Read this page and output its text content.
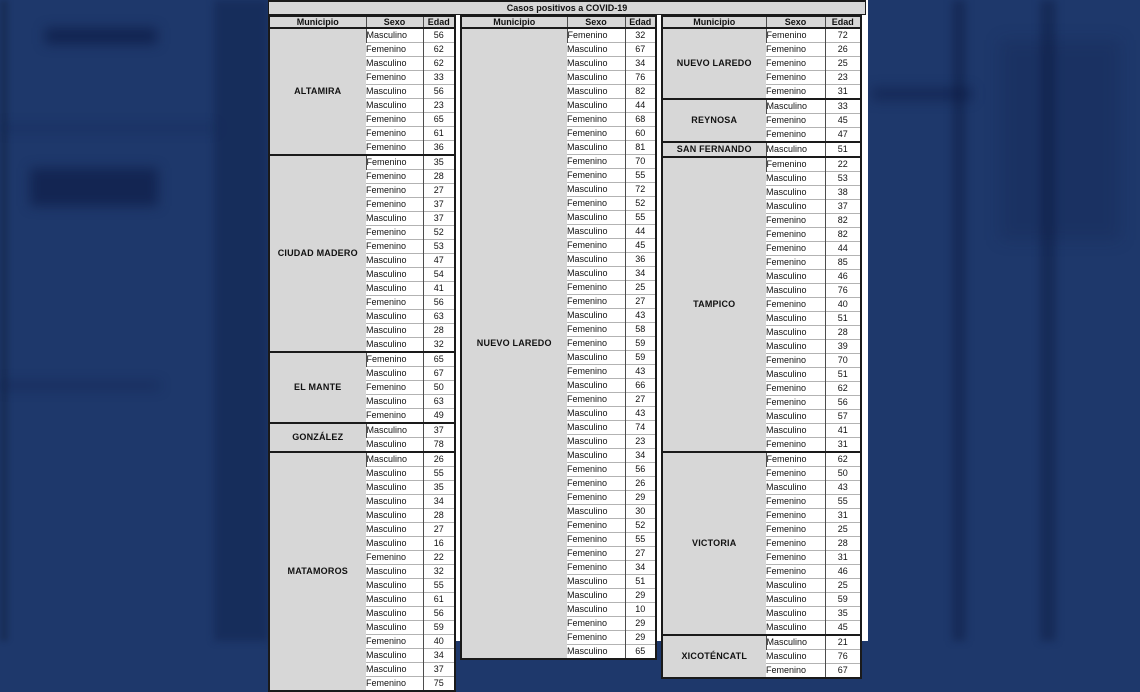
Casos positivos a COVID-19
Municipio	Sexo	Edad
ALTAMIRA	Masculino	56
	Femenino	62
	Masculino	62
	Femenino	33
	Masculino	56
	Masculino	23
	Femenino	65
	Femenino	61
	Femenino	36
CIUDAD MADERO	Femenino	35
	Femenino	28
	Femenino	27
	Femenino	37
	Masculino	37
	Femenino	52
	Femenino	53
	Masculino	47
	Masculino	54
	Masculino	41
	Femenino	56
	Masculino	63
	Masculino	28
	Masculino	32
EL MANTE	Femenino	65
	Masculino	67
	Femenino	50
	Masculino	63
	Femenino	49
GONZÁLEZ	Masculino	37
	Masculino	78
MATAMOROS	Masculino	26
	Masculino	55
	Masculino	35
	Masculino	34
	Masculino	28
	Masculino	27
	Masculino	16
	Femenino	22
	Masculino	32
	Masculino	55
	Masculino	61
	Masculino	56
	Masculino	59
	Femenino	40
	Masculino	34
	Masculino	37
	Femenino	75
Municipio	Sexo	Edad
NUEVO LAREDO	Femenino	32
	Masculino	67
	Masculino	34
	Masculino	76
	Masculino	82
	Masculino	44
	Femenino	68
	Femenino	60
	Masculino	81
	Femenino	70
	Femenino	55
	Masculino	72
	Femenino	52
	Masculino	55
	Masculino	44
	Femenino	45
	Masculino	36
	Masculino	34
	Femenino	25
	Femenino	27
	Masculino	43
	Femenino	58
	Femenino	59
	Masculino	59
	Femenino	43
	Masculino	66
	Femenino	27
	Masculino	43
	Masculino	74
	Masculino	23
	Masculino	34
	Femenino	56
	Femenino	26
	Femenino	29
	Masculino	30
	Femenino	52
	Femenino	55
	Femenino	27
	Femenino	34
	Masculino	51
	Masculino	29
	Masculino	10
	Femenino	29
	Femenino	29
	Masculino	65
Municipio	Sexo	Edad
NUEVO LAREDO	Femenino	72
	Femenino	26
	Femenino	25
	Femenino	23
	Femenino	31
REYNOSA	Masculino	33
	Femenino	45
	Femenino	47
SAN FERNANDO	Masculino	51
TAMPICO	Femenino	22
	Masculino	53
	Masculino	38
	Masculino	37
	Femenino	82
	Femenino	82
	Femenino	44
	Femenino	85
	Masculino	46
	Masculino	76
	Femenino	40
	Masculino	51
	Masculino	28
	Masculino	39
	Femenino	70
	Masculino	51
	Femenino	62
	Femenino	56
	Masculino	57
	Masculino	41
	Femenino	31
VICTORIA	Femenino	62
	Femenino	50
	Masculino	43
	Femenino	55
	Femenino	31
	Femenino	25
	Femenino	28
	Femenino	31
	Femenino	46
	Masculino	25
	Masculino	59
	Masculino	35
	Masculino	45
XICOTÉNCATL	Masculino	21
	Masculino	76
	Femenino	67
